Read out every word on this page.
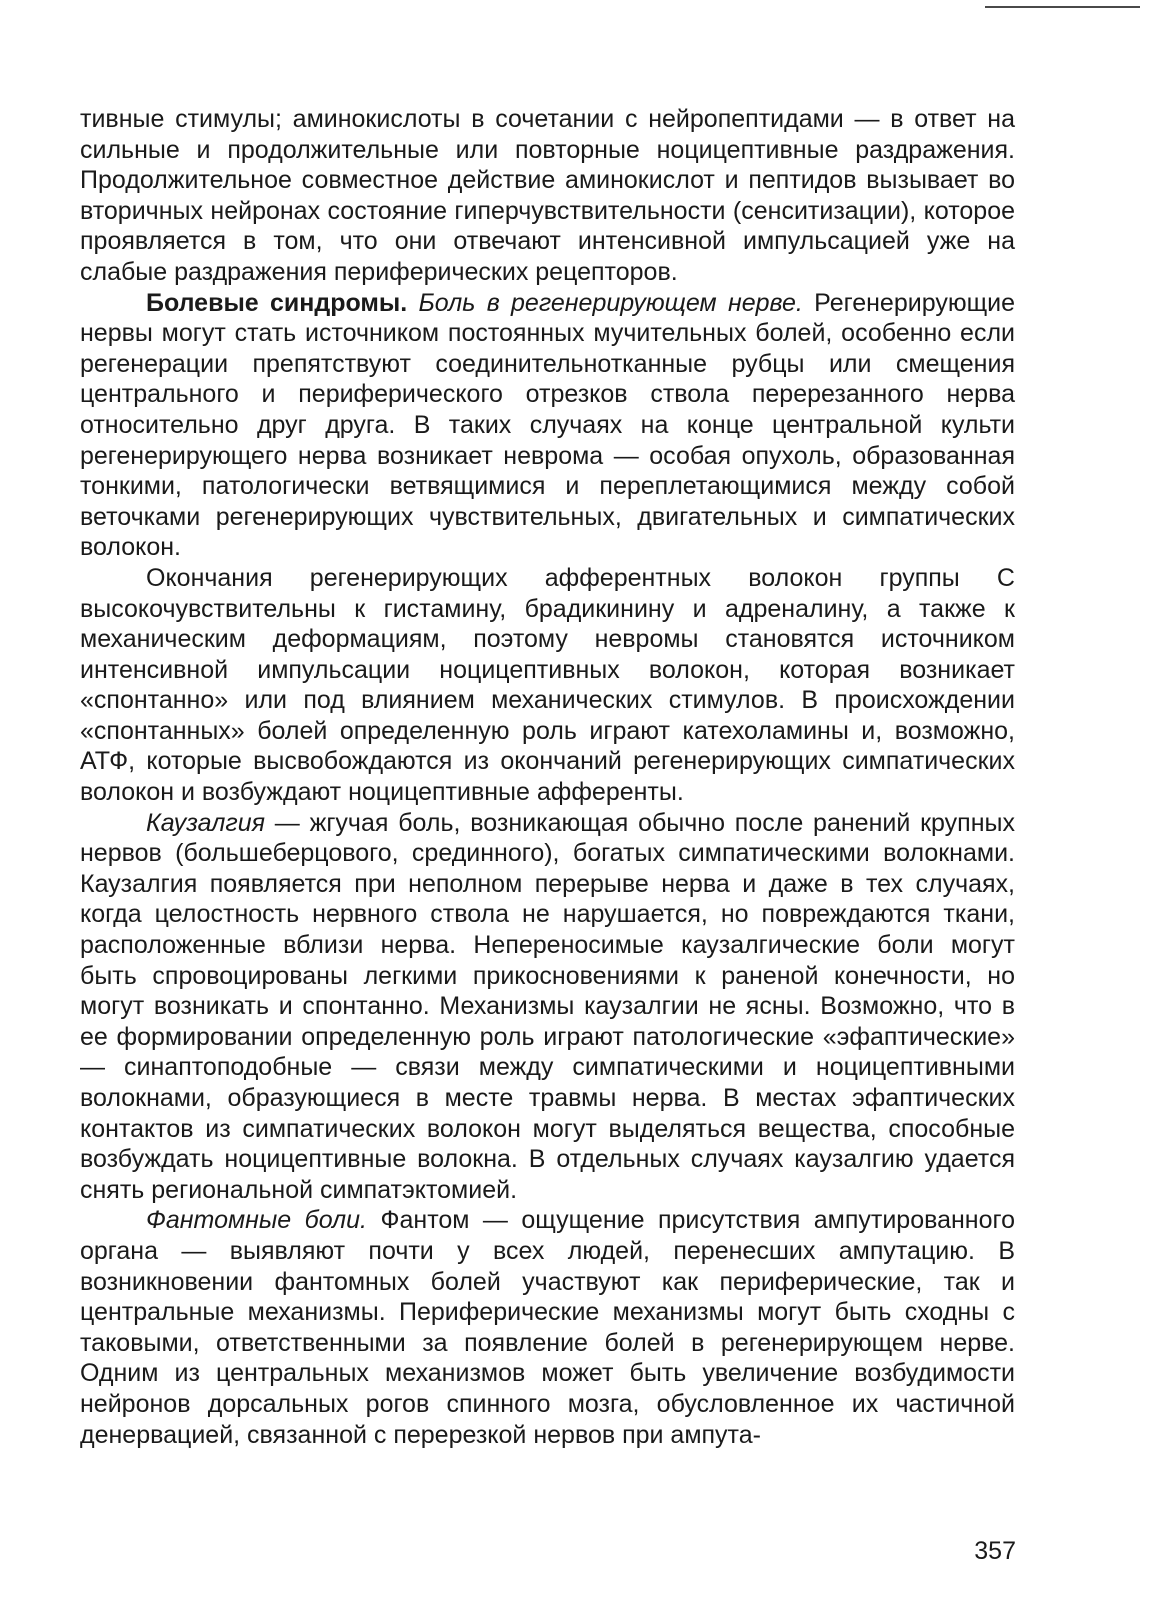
тивные стимулы; аминокислоты в сочетании с нейропептидами — в ответ на сильные и продолжительные или повторные ноцицептивные раздражения. Продолжительное совместное действие аминокислот и пептидов вызывает во вторичных нейронах состояние гиперчувствительности (сенситизации), которое проявляется в том, что они отвечают интенсивной импульсацией уже на слабые раздражения периферических рецепторов.

Болевые синдромы. Боль в регенерирующем нерве. Регенерирующие нервы могут стать источником постоянных мучительных болей, особенно если регенерации препятствуют соединительнотканные рубцы или смещения центрального и периферического отрезков ствола перерезанного нерва относительно друг друга. В таких случаях на конце центральной культи регенерирующего нерва возникает неврома — особая опухоль, образованная тонкими, патологически ветвящимися и переплетающимися между собой веточками регенерирующих чувствительных, двигательных и симпатических волокон.

Окончания регенерирующих афферентных волокон группы С высокочувствительны к гистамину, брадикинину и адреналину, а также к механическим деформациям, поэтому невромы становятся источником интенсивной импульсации ноцицептивных волокон, которая возникает «спонтанно» или под влиянием механических стимулов. В происхождении «спонтанных» болей определенную роль играют катехоламины и, возможно, АТФ, которые высвобождаются из окончаний регенерирующих симпатических волокон и возбуждают ноцицептивные афференты.

Каузалгия — жгучая боль, возникающая обычно после ранений крупных нервов (большеберцового, срединного), богатых симпатическими волокнами. Каузалгия появляется при неполном перерыве нерва и даже в тех случаях, когда целостность нервного ствола не нарушается, но повреждаются ткани, расположенные вблизи нерва. Непереносимые каузалгические боли могут быть спровоцированы легкими прикосновениями к раненой конечности, но могут возникать и спонтанно. Механизмы каузалгии не ясны. Возможно, что в ее формировании определенную роль играют патологические «эфаптические» — синаптоподобные — связи между симпатическими и ноцицептивными волокнами, образующиеся в месте травмы нерва. В местах эфаптических контактов из симпатических волокон могут выделяться вещества, способные возбуждать ноцицептивные волокна. В отдельных случаях каузалгию удается снять региональной симпатэктомией.

Фантомные боли. Фантом — ощущение присутствия ампутированного органа — выявляют почти у всех людей, перенесших ампутацию. В возникновении фантомных болей участвуют как периферические, так и центральные механизмы. Периферические механизмы могут быть сходны с таковыми, ответственными за появление болей в регенерирующем нерве. Одним из центральных механизмов может быть увеличение возбудимости нейронов дорсальных рогов спинного мозга, обусловленное их частичной денервацией, связанной с перерезкой нервов при ампута-

357
